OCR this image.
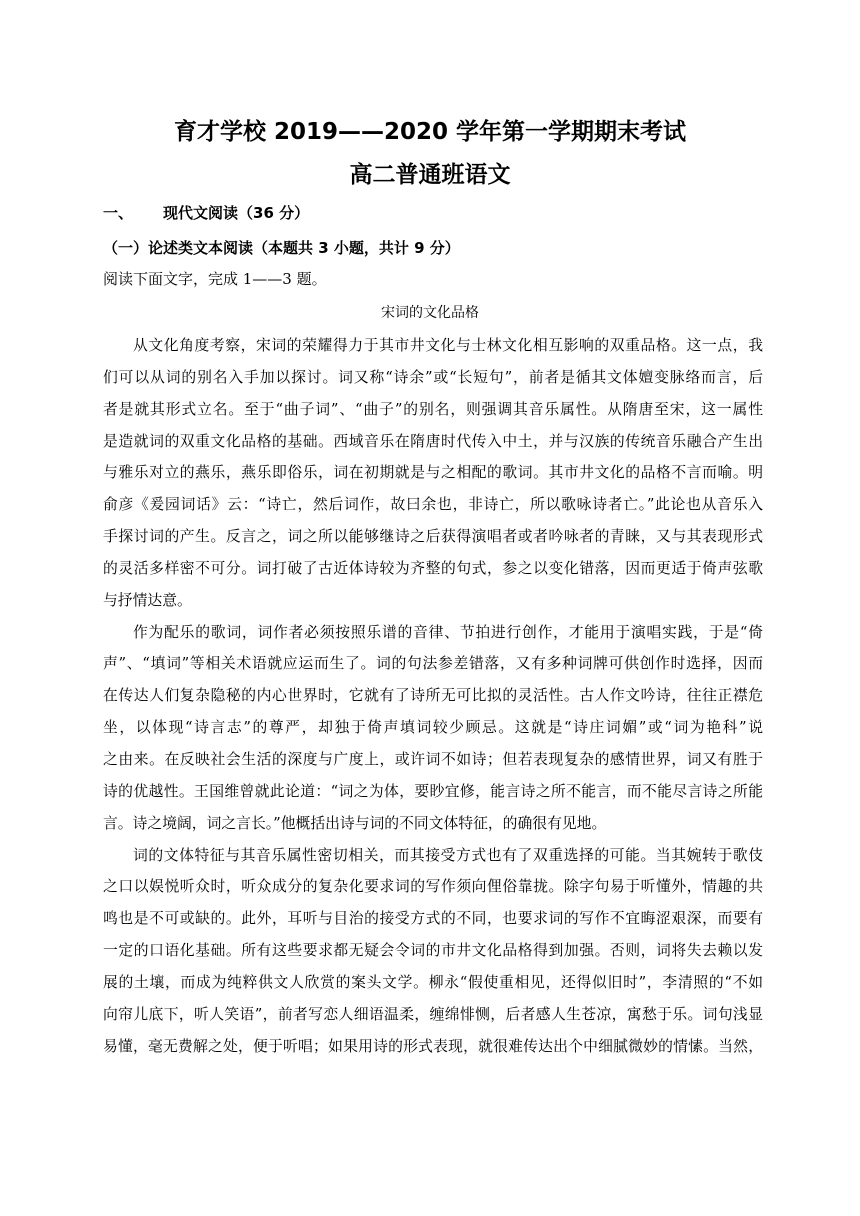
育才学校 2019——2020 学年第一学期期末考试
高二普通班语文
一、 现代文阅读（36 分）
（一）论述类文本阅读（本题共 3 小题，共计 9 分）
阅读下面文字，完成 1——3 题。
宋词的文化品格
从文化角度考察，宋词的荣耀得力于其市井文化与士林文化相互影响的双重品格。这一点，我
们可以从词的别名入手加以探讨。词又称“诗余”或“长短句”，前者是循其文体嬗变脉络而言，后
者是就其形式立名。至于“曲子词”、“曲子”的别名，则强调其音乐属性。从隋唐至宋，这一属性
是造就词的双重文化品格的基础。西域音乐在隋唐时代传入中土，并与汉族的传统音乐融合产生出
与雅乐对立的燕乐，燕乐即俗乐，词在初期就是与之相配的歌词。其市井文化的品格不言而喻。明
俞彦《爰园词话》云：“诗亡，然后词作，故曰余也，非诗亡，所以歌咏诗者亡。”此论也从音乐入
手探讨词的产生。反言之，词之所以能够继诗之后获得演唱者或者吟咏者的青睐，又与其表现形式
的灵活多样密不可分。词打破了古近体诗较为齐整的句式，参之以变化错落，因而更适于倚声弦歌
与抒情达意。
作为配乐的歌词，词作者必须按照乐谱的音律、节拍进行创作，才能用于演唱实践，于是“倚
声”、“填词”等相关术语就应运而生了。词的句法参差错落，又有多种词牌可供创作时选择，因而
在传达人们复杂隐秘的内心世界时，它就有了诗所无可比拟的灵活性。古人作文吟诗，往往正襟危
坐，以体现“诗言志”的尊严，却独于倚声填词较少顾忌。这就是“诗庄词媚”或“词为艳科”说
之由来。在反映社会生活的深度与广度上，或许词不如诗；但若表现复杂的感情世界，词又有胜于
诗的优越性。王国维曾就此论道：“词之为体，要眇宜修，能言诗之所不能言，而不能尽言诗之所能
言。诗之境阔，词之言长。”他概括出诗与词的不同文体特征，的确很有见地。
词的文体特征与其音乐属性密切相关，而其接受方式也有了双重选择的可能。当其婉转于歌伎
之口以娱悦听众时，听众成分的复杂化要求词的写作须向俚俗靠拢。除字句易于听懂外，情趣的共
鸣也是不可或缺的。此外，耳听与目治的接受方式的不同，也要求词的写作不宜晦涩艰深，而要有
一定的口语化基础。所有这些要求都无疑会令词的市井文化品格得到加强。否则，词将失去赖以发
展的土壤，而成为纯粹供文人欣赏的案头文学。柳永“假使重相见，还得似旧时”，李清照的“不如
向帘儿底下，听人笑语”，前者写恋人细语温柔，缠绵悱恻，后者感人生苍凉，寓愁于乐。词句浅显
易懂，毫无费解之处，便于听唱；如果用诗的形式表现，就很难传达出个中细腻微妙的情愫。当然，
